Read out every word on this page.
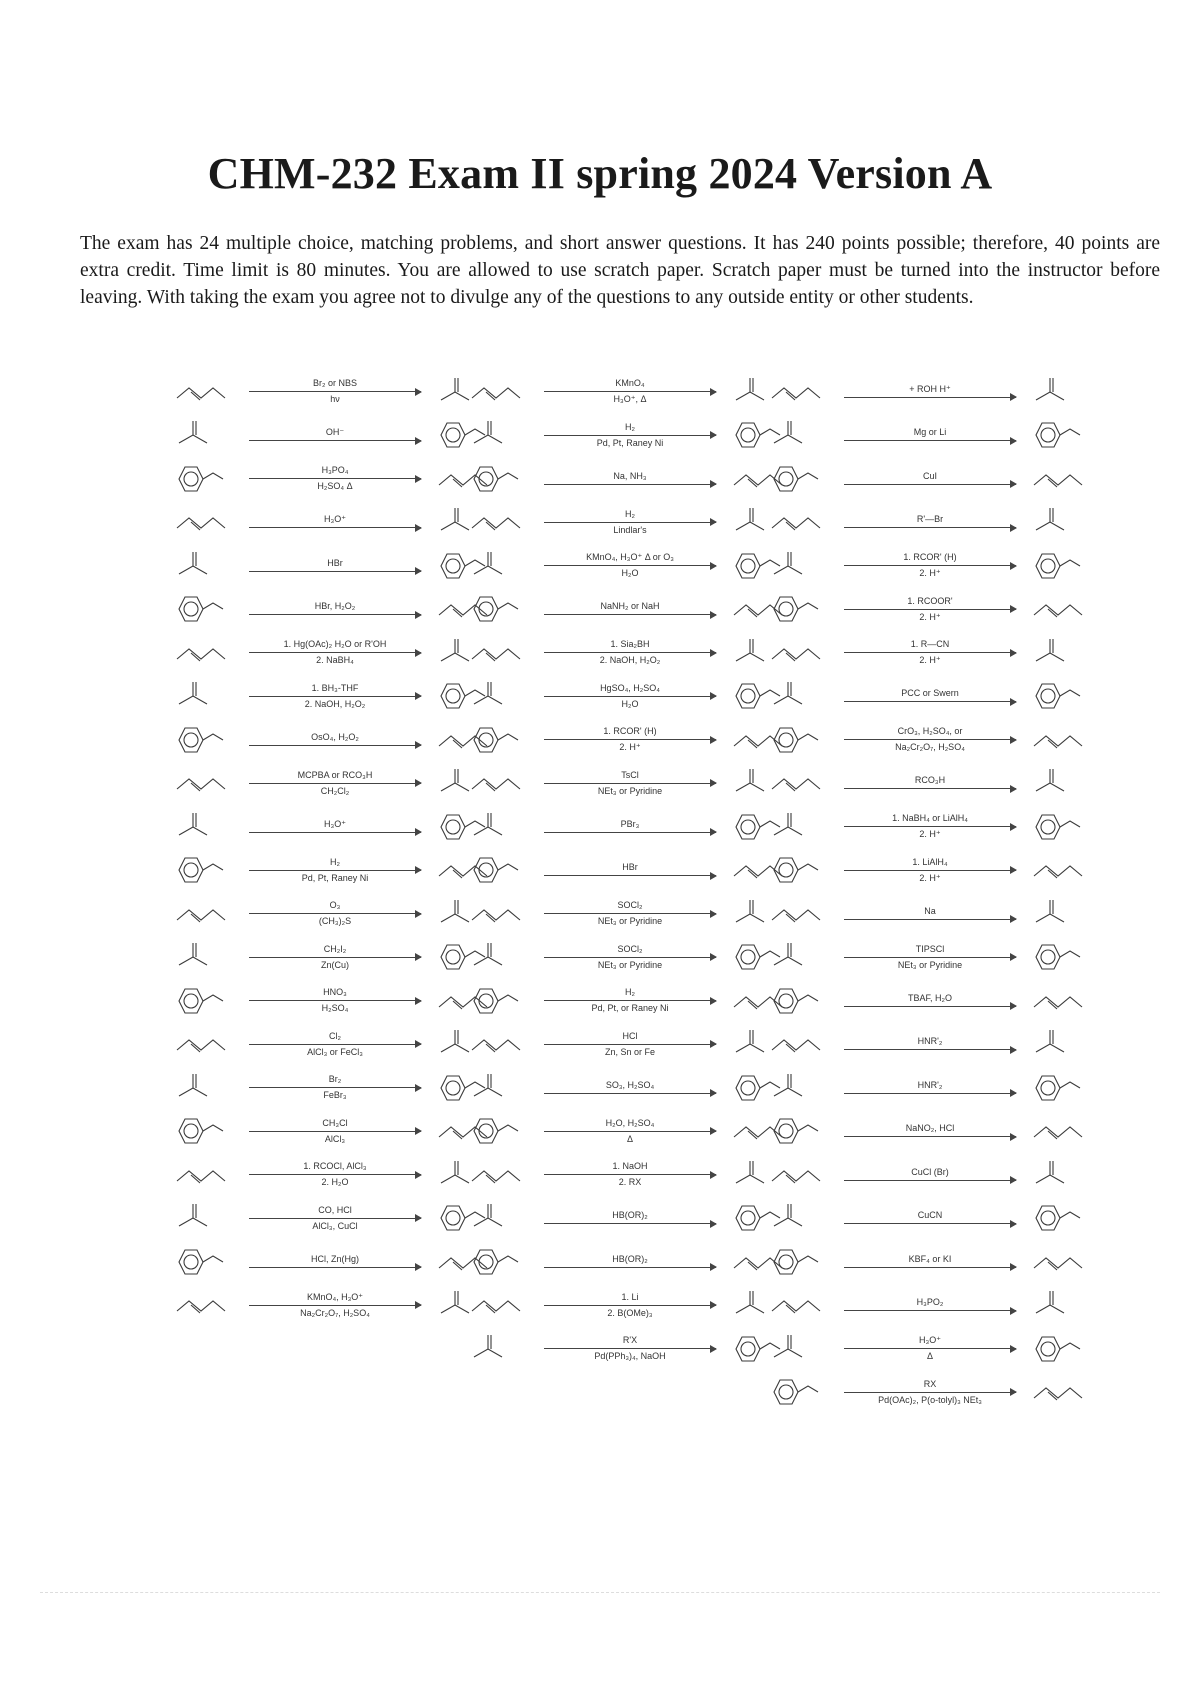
CHM-232 Exam II spring 2024 Version A
The exam has 24 multiple choice, matching problems, and short answer questions. It has 240 points possible; therefore, 40 points are extra credit. Time limit is 80 minutes. You are allowed to use scratch paper. Scratch paper must be turned into the instructor before leaving. With taking the exam you agree not to divulge any of the questions to any outside entity or other students.
Br₂ or NBS
hν
OH⁻
H₃PO₄
H₂SO₄ Δ
H₃O⁺
HBr
HBr, H₂O₂
1. Hg(OAc)₂ H₂O or R'OH
2. NaBH₄
1. BH₃-THF
2. NaOH, H₂O₂
OsO₄, H₂O₂
MCPBA or RCO₃H
CH₂Cl₂
H₃O⁺
H₂
Pd, Pt, Raney Ni
O₃
(CH₃)₂S
CH₂I₂
Zn(Cu)
HNO₃
H₂SO₄
Cl₂
AlCl₃ or FeCl₃
Br₂
FeBr₃
CH₃Cl
AlCl₃
1. RCOCl, AlCl₃
2. H₂O
CO, HCl
AlCl₃, CuCl
HCl, Zn(Hg)
KMnO₄, H₃O⁺
Na₂Cr₂O₇, H₂SO₄
KMnO₄
H₃O⁺, Δ
H₂
Pd, Pt, Raney Ni
Na, NH₃
H₂
Lindlar's
KMnO₄, H₃O⁺ Δ or O₃
H₂O
NaNH₂ or NaH
1. Sia₂BH
2. NaOH, H₂O₂
HgSO₄, H₂SO₄
H₂O
1. RCOR' (H)
2. H⁺
TsCl
NEt₃ or Pyridine
PBr₃
HBr
SOCl₂
NEt₃ or Pyridine
SOCl₂
NEt₃ or Pyridine
H₂
Pd, Pt, or Raney Ni
HCl
Zn, Sn or Fe
SO₃, H₂SO₄
H₂O, H₂SO₄
Δ
1. NaOH
2. RX
HB(OR)₂
HB(OR)₂
1. Li
2. B(OMe)₃
R'X
Pd(PPh₃)₄, NaOH
+ ROH H⁺
Mg or Li
CuI
R'—Br
1. RCOR' (H)
2. H⁺
1. RCOOR'
2. H⁺
1. R—CN
2. H⁺
PCC or Swern
CrO₃, H₂SO₄, or
Na₂Cr₂O₇, H₂SO₄
RCO₃H
1. NaBH₄ or LiAlH₄
2. H⁺
1. LiAlH₄
2. H⁺
Na
TIPSCl
NEt₃ or Pyridine
TBAF, H₂O
HNR'₂
HNR'₂
NaNO₂, HCl
CuCl (Br)
CuCN
KBF₄ or KI
H₃PO₂
H₃O⁺
Δ
RX
Pd(OAc)₂, P(o-tolyl)₃ NEt₃
